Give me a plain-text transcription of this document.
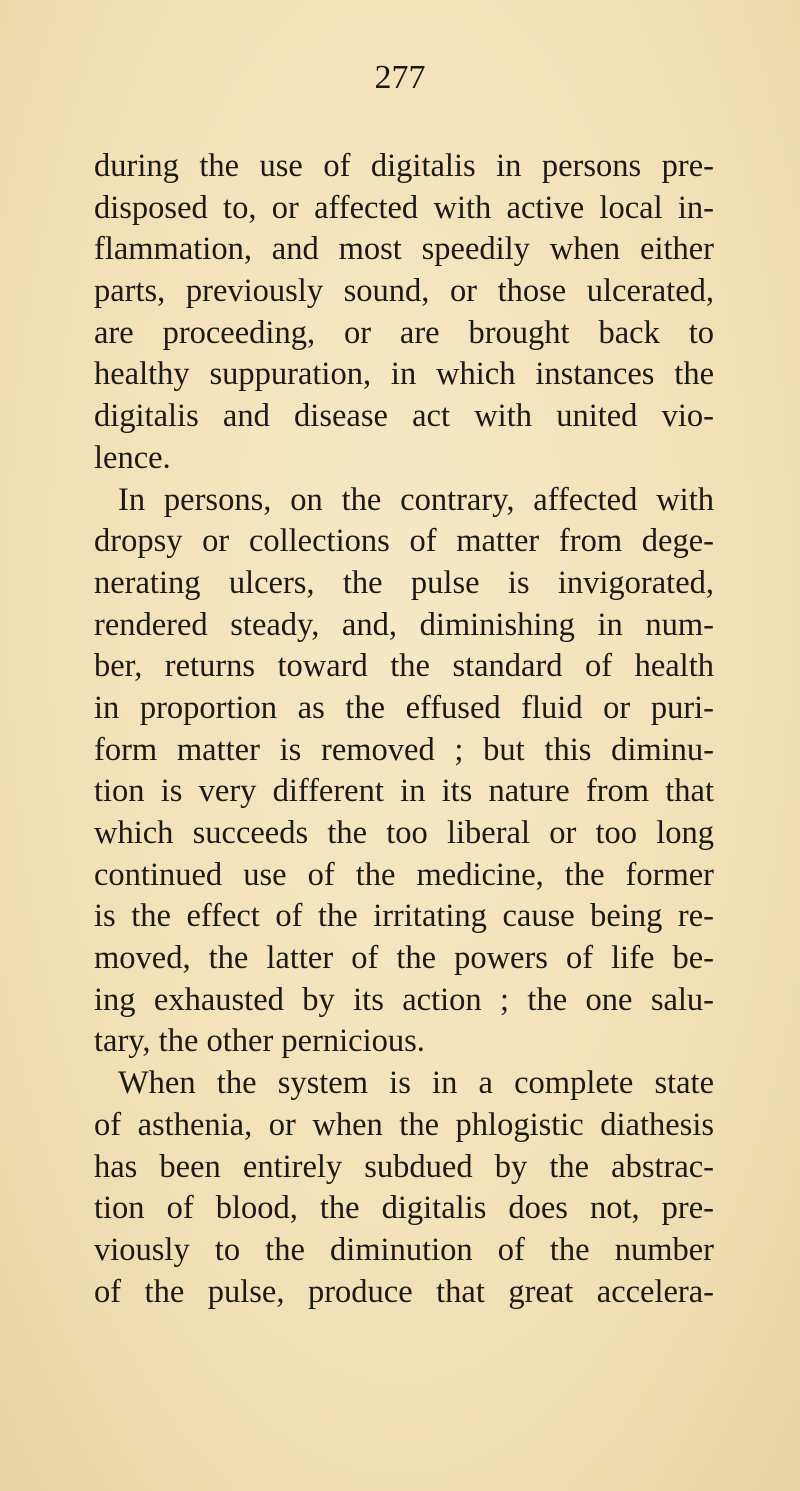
277
during the use of digitalis in persons pre-
disposed to, or affected with active local in-
flammation, and most speedily when either
parts, previously sound, or those ulcerated,
are proceeding, or are brought back to
healthy suppuration, in which instances the
digitalis and disease act with united vio-
lence.
In persons, on the contrary, affected with
dropsy or collections of matter from dege-
nerating ulcers, the pulse is invigorated,
rendered steady, and, diminishing in num-
ber, returns toward the standard of health
in proportion as the effused fluid or puri-
form matter is removed ; but this diminu-
tion is very different in its nature from that
which succeeds the too liberal or too long
continued use of the medicine, the former
is the effect of the irritating cause being re-
moved, the latter of the powers of life be-
ing exhausted by its action ; the one salu-
tary, the other pernicious.
When the system is in a complete state
of asthenia, or when the phlogistic diathesis
has been entirely subdued by the abstrac-
tion of blood, the digitalis does not, pre-
viously to the diminution of the number
of the pulse, produce that great accelera-
